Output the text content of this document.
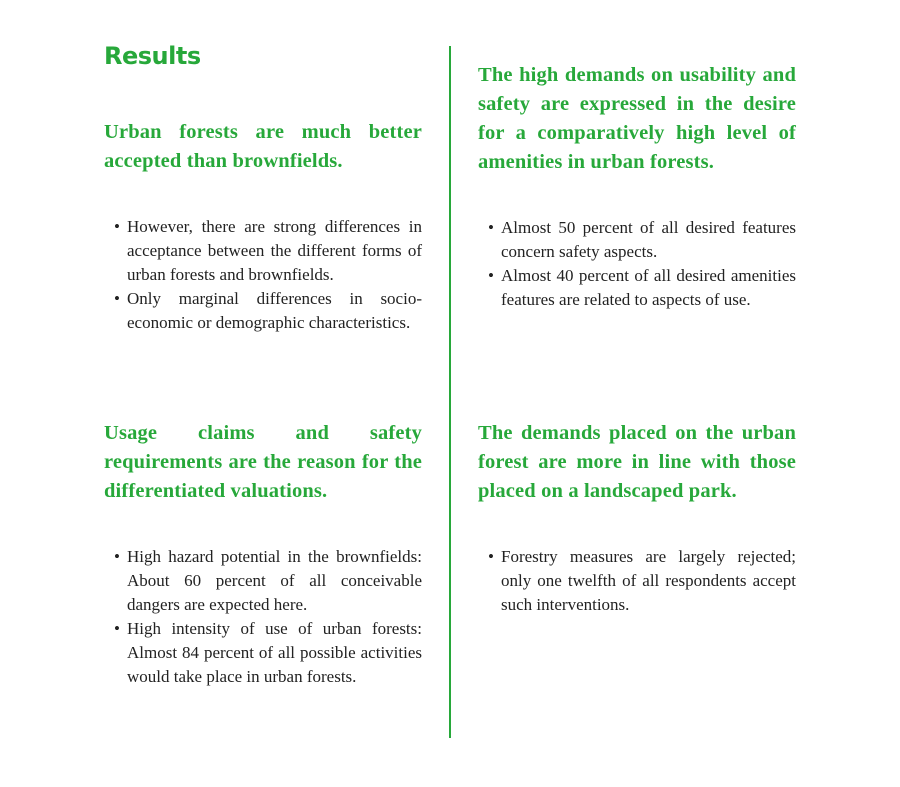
Results
Urban forests are much better accepted than brownfields.
• However, there are strong differences in acceptance between the different forms of urban forests and brownfields.
• Only marginal differences in socio-economic or demographic characteristics.
The high demands on usability and safety are expressed in the desire for a comparatively high level of amenities in urban forests.
• Almost 50 percent of all desired features concern safety aspects.
• Almost 40 percent of all desired amenities features are related to aspects of use.
Usage claims and safety requirements are the reason for the differentiated valuations.
• High hazard potential in the brownfields: About 60 percent of all conceivable dangers are expected here.
• High intensity of use of urban forests: Almost 84 percent of all possible activities would take place in urban forests.
The demands placed on the urban forest are more in line with those placed on a landscaped park.
• Forestry measures are largely rejected; only one twelfth of all respondents accept such interventions.
